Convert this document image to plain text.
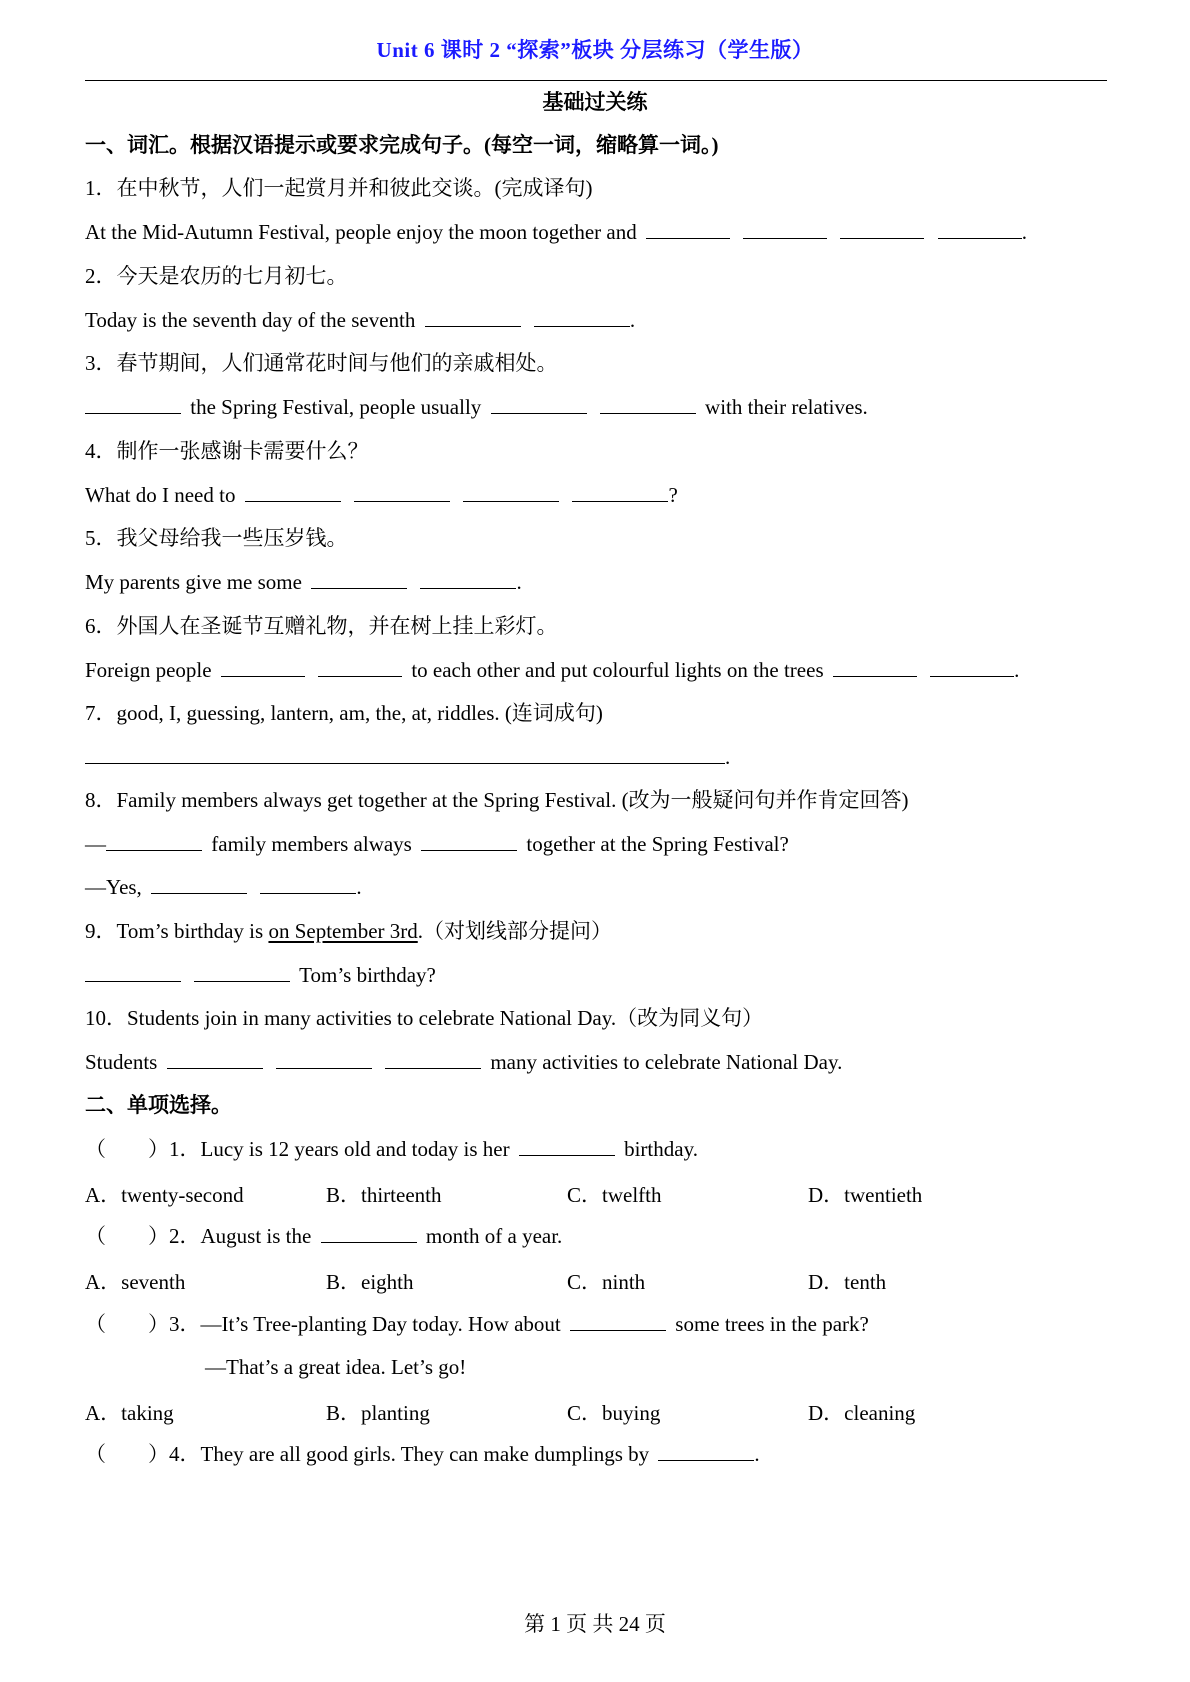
Unit 6 课时 2 “探索”板块 分层练习（学生版）
基础过关练
一、词汇。根据汉语提示或要求完成句子。(每空一词，缩略算一词。)
1．在中秋节，人们一起赏月并和彼此交谈。(完成译句)
At the Mid-Autumn Festival, people enjoy the moon together and	.
2．今天是农历的七月初七。
Today is the seventh day of the seventh	.
3．春节期间，人们通常花时间与他们的亲戚相处。
the Spring Festival, people usually	with their relatives.
4．制作一张感谢卡需要什么？
What do I need to	?
5．我父母给我一些压岁钱。
My parents give me some	.
6．外国人在圣诞节互赠礼物，并在树上挂上彩灯。
Foreign people	to each other and put colourful lights on the trees	.
7．good, I, guessing, lantern, am, the, at, riddles. (连词成句)
.
8．Family members always get together at the Spring Festival. (改为一般疑问句并作肯定回答)
—	family members always	together at the Spring Festival?
—Yes,	.
9．Tom’s birthday is on September 3rd.（对划线部分提问）
Tom’s birthday?
10．Students join in many activities to celebrate National Day.（改为同义句）
Students	many activities to celebrate National Day.
二、单项选择。
（　　）1．Lucy is 12 years old and today is her	birthday.
A．twenty-second	B．thirteenth	C．twelfth	D．twentieth
（　　）2．August is the	month of a year.
A．seventh	B．eighth	C．ninth	D．tenth
（　　）3．—It’s Tree-planting Day today. How about	some trees in the park?
—That’s a great idea. Let’s go!
A．taking	B．planting	C．buying	D．cleaning
（　　）4．They are all good girls. They can make dumplings by	.
第 1 页 共 24 页
